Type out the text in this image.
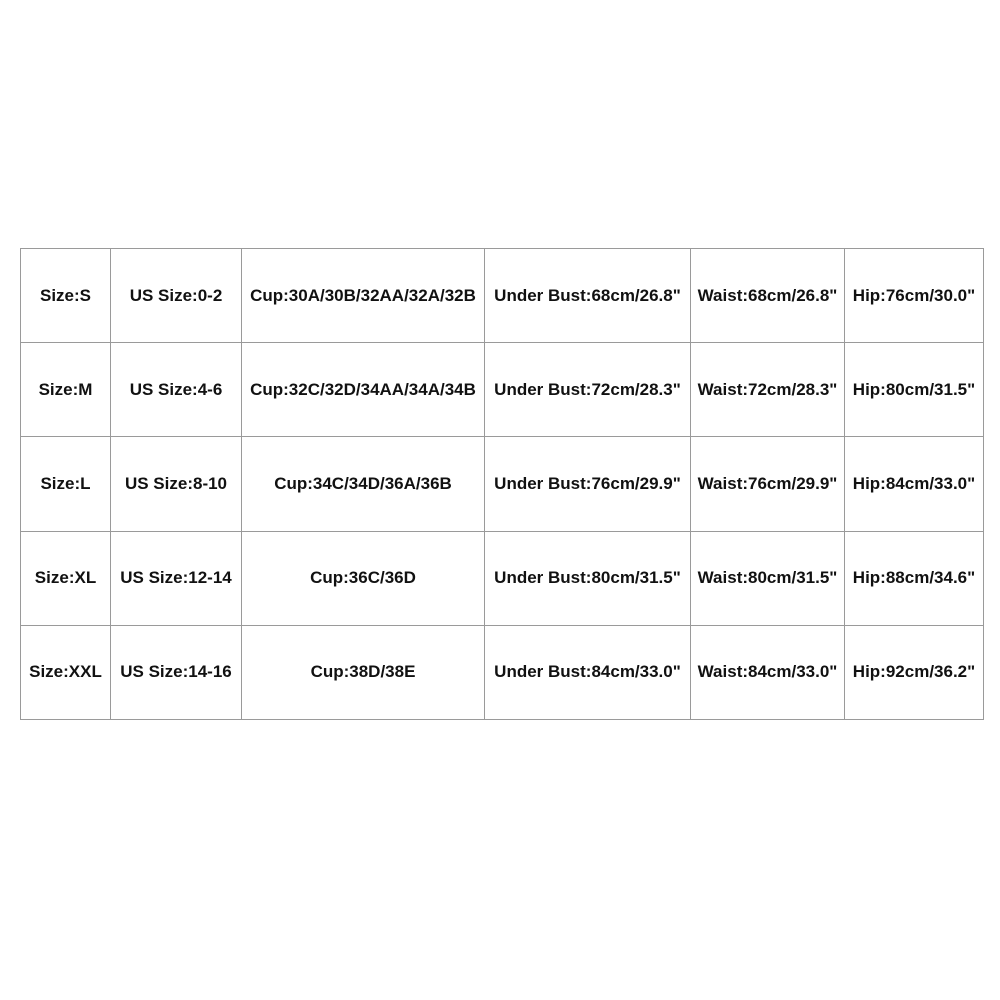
Size:S	US Size:0-2	Cup:30A/30B/32AA/32A/32B	Under Bust:68cm/26.8"	Waist:68cm/26.8"	Hip:76cm/30.0"
Size:M	US Size:4-6	Cup:32C/32D/34AA/34A/34B	Under Bust:72cm/28.3"	Waist:72cm/28.3"	Hip:80cm/31.5"
Size:L	US Size:8-10	Cup:34C/34D/36A/36B	Under Bust:76cm/29.9"	Waist:76cm/29.9"	Hip:84cm/33.0"
Size:XL	US Size:12-14	Cup:36C/36D	Under Bust:80cm/31.5"	Waist:80cm/31.5"	Hip:88cm/34.6"
Size:XXL	US Size:14-16	Cup:38D/38E	Under Bust:84cm/33.0"	Waist:84cm/33.0"	Hip:92cm/36.2"
